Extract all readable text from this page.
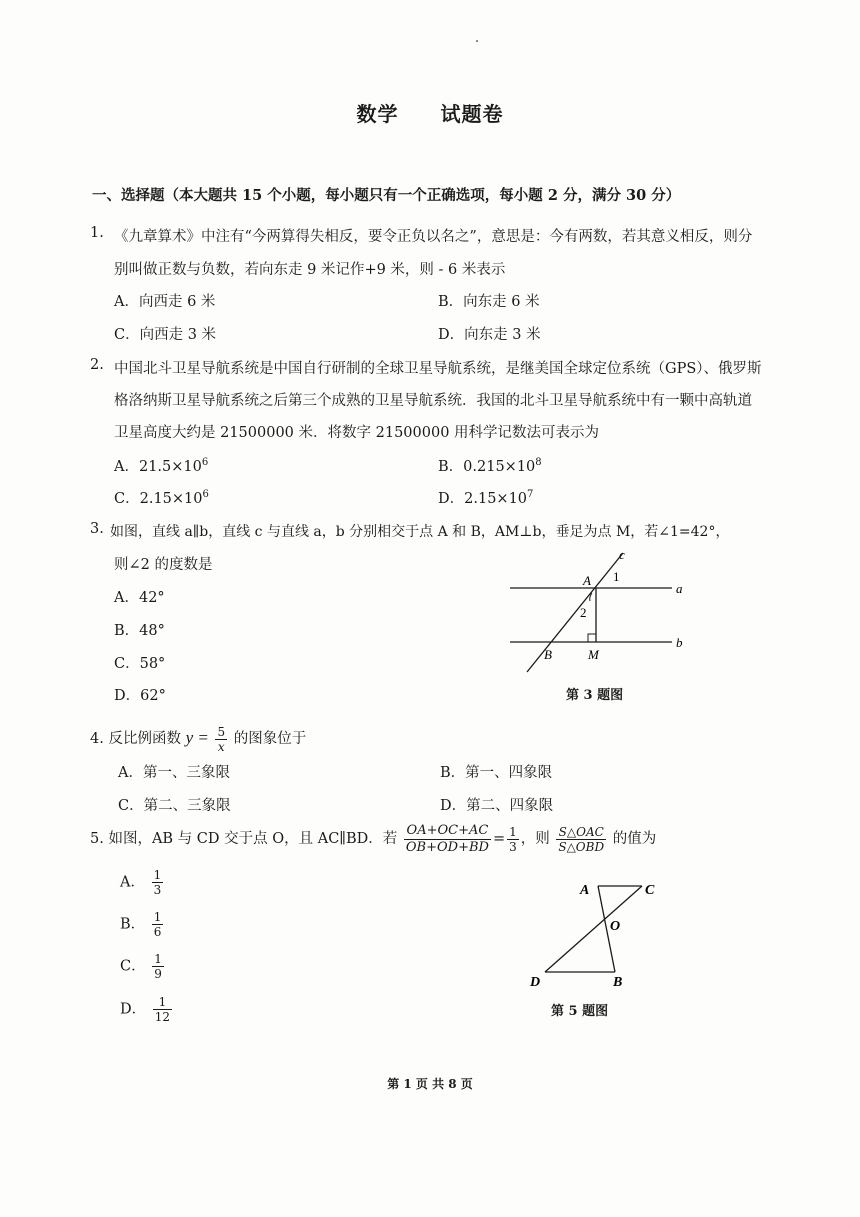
数学 试题卷
一、选择题（本大题共 15 个小题，每小题只有一个正确选项，每小题 2 分，满分 30 分）
1. 《九章算术》中注有“今两算得失相反，要令正负以名之”，意思是：今有两数，若其意义相反，则分
别叫做正数与负数，若向东走 9 米记作+9 米，则 - 6 米表示
A．向西走 6 米	B．向东走 6 米
C．向西走 3 米	D．向东走 3 米
2. 中国北斗卫星导航系统是中国自行研制的全球卫星导航系统，是继美国全球定位系统（GPS）、俄罗斯
格洛纳斯卫星导航系统之后第三个成熟的卫星导航系统．我国的北斗卫星导航系统中有一颗中高轨道
卫星高度大约是 21500000 米．将数字 21500000 用科学记数法可表示为
A．$21.5\times 10^6$	B．$0.215\times 10^8$
C．$2.15\times 10^6$	D．$2.15\times 10^7$
3. 如图，直线 a∥b，直线 c 与直线 a，b 分别相交于点 A 和 B，AM⊥b，垂足为点 M，若∠1=42°，
则∠2 的度数是
A．42°
B．48°
C．58°
D．62°
c
a
b
A
B	M
1
2
第 3 题图
4. 反比例函数 $y = \frac{5}{x}$ 的图象位于
A．第一、三象限	B．第一、四象限
C．第二、三象限	D．第二、四象限
5. 如图，AB 与 CD 交于点 O，且 AC∥BD．若 $\frac{OA+OC+AC}{OB+OD+BD} = \frac{1}{3}$ ，则 $\frac{\text{S△OAC}}{\text{S△OBD}}$ 的值为
A． $\frac{1}{3}$
B． $\frac{1}{6}$
C． $\frac{1}{9}$
D． $\frac{1}{12}$
A	C
O
D	B
第 5 题图
第 1 页 共 8 页
